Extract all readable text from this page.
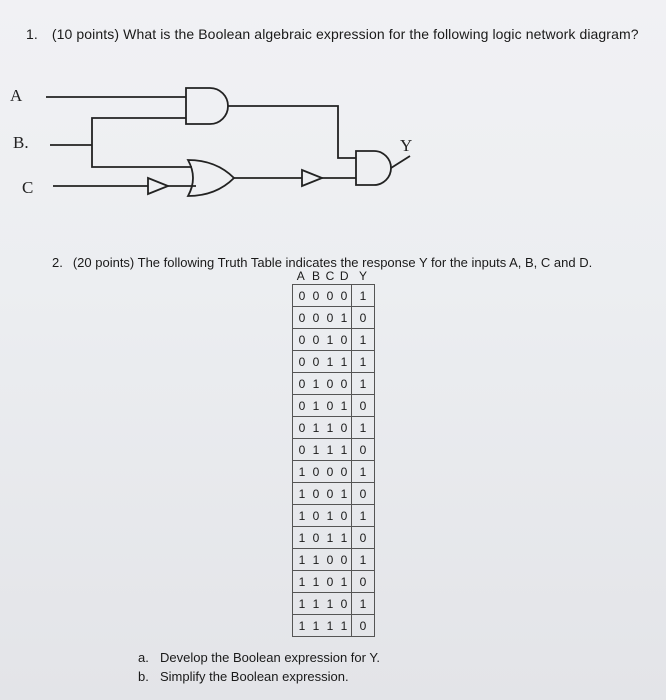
1. (10 points) What is the Boolean algebraic expression for the following logic network diagram?
A
B.
C
Y
2. (20 points) The following Truth Table indicates the response Y for the inputs A, B, C and D.
A	B	C	D	Y
0	0	0	0	1
0	0	0	1	0
0	0	1	0	1
0	0	1	1	1
0	1	0	0	1
0	1	0	1	0
0	1	1	0	1
0	1	1	1	0
1	0	0	0	1
1	0	0	1	0
1	0	1	0	1
1	0	1	1	0
1	1	0	0	1
1	1	0	1	0
1	1	1	0	1
1	1	1	1	0
a. Develop the Boolean expression for Y.
b. Simplify the Boolean expression.
